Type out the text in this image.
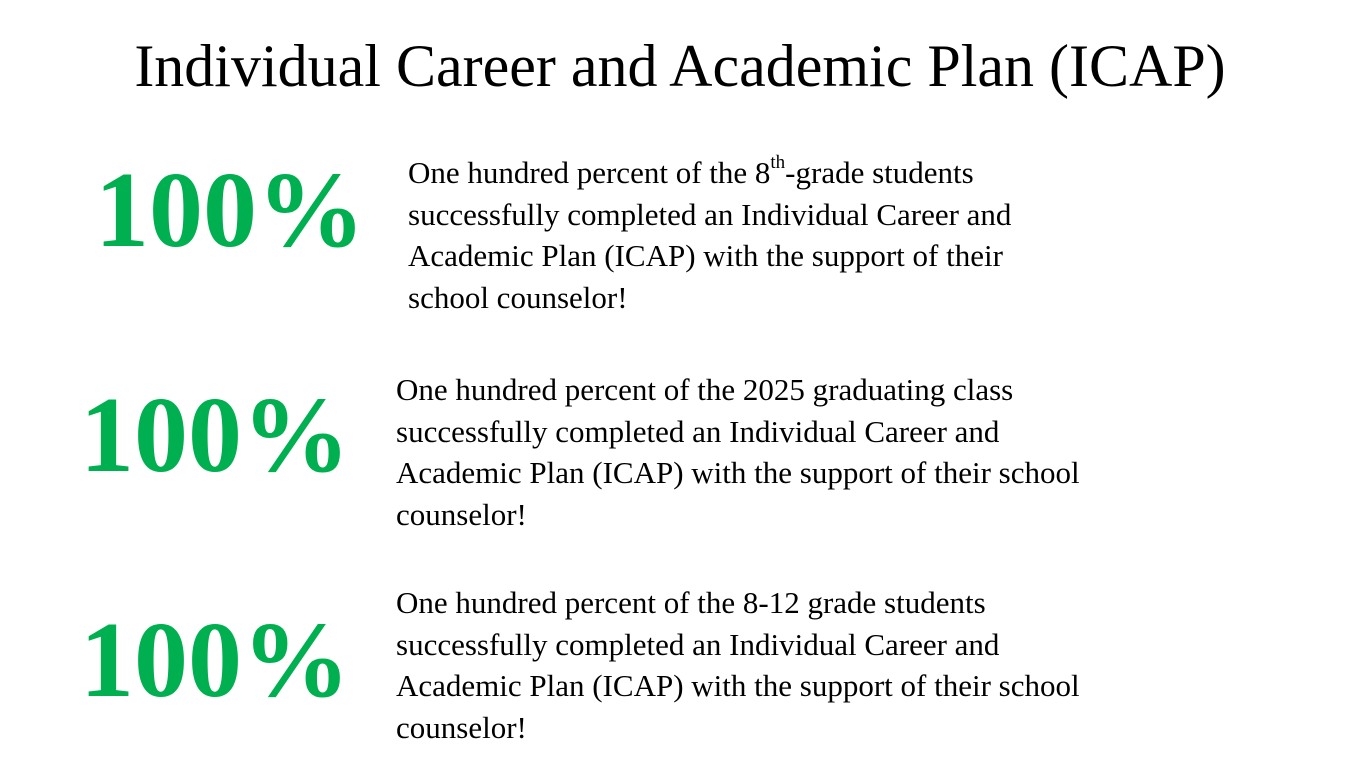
Individual Career and Academic Plan (ICAP)
100% One hundred percent of the 8th-grade students
successfully completed an Individual Career and
Academic Plan (ICAP) with the support of their
school counselor!
100% One hundred percent of the 2025 graduating class
successfully completed an Individual Career and
Academic Plan (ICAP) with the support of their school
counselor!
100% One hundred percent of the 8-12 grade students
successfully completed an Individual Career and
Academic Plan (ICAP) with the support of their school
counselor!
